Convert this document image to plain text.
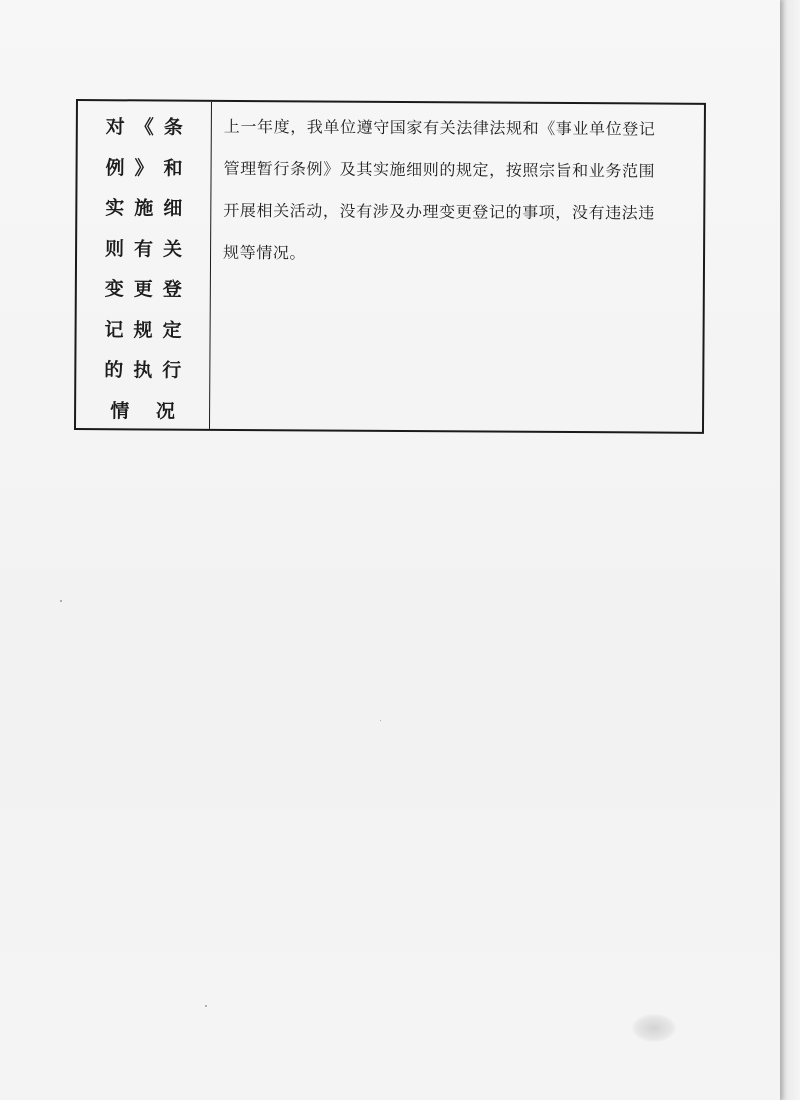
对《条
例》和
实施细
则有关
变更登
记规定
的执行
情 况
上一年度，我单位遵守国家有关法律法规和《事业单位登记
管理暂行条例》及其实施细则的规定，按照宗旨和业务范围
开展相关活动，没有涉及办理变更登记的事项，没有违法违
规等情况。
